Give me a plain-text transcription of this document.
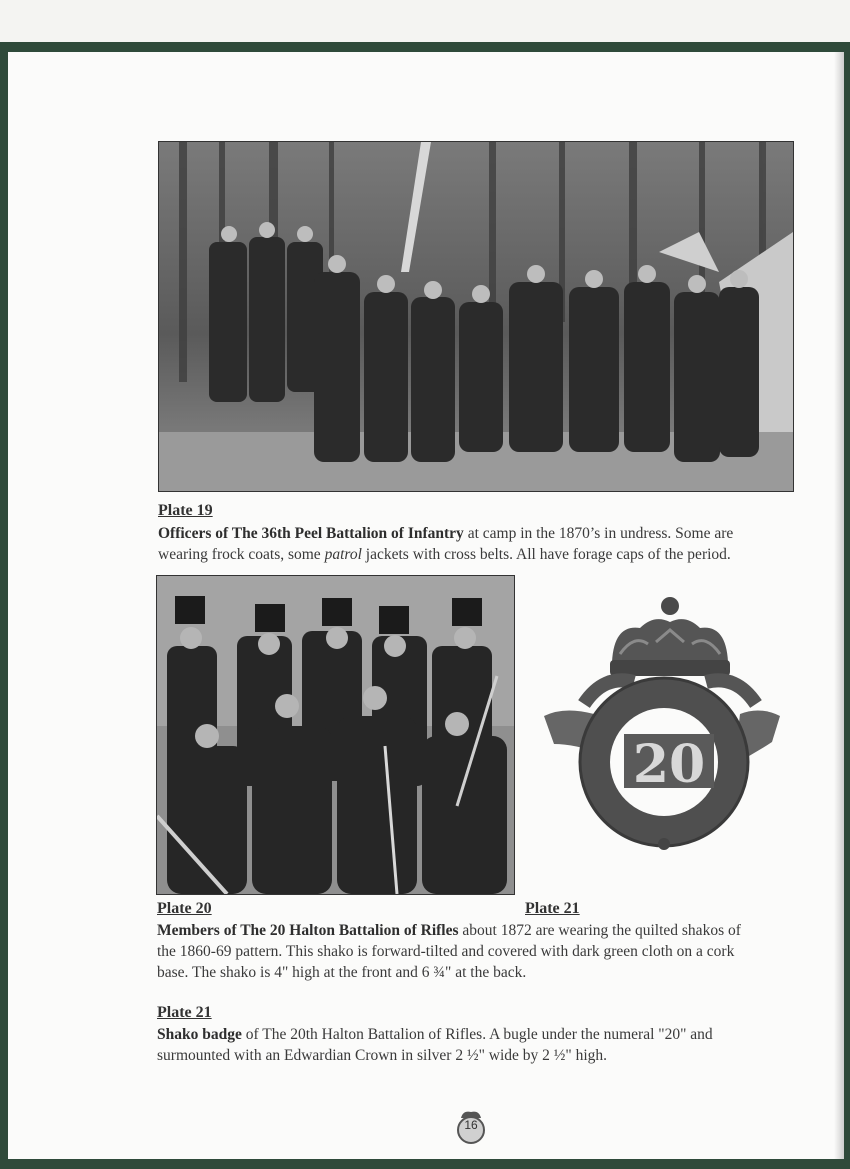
Plate 19
Officers of The 36th Peel Battalion of Infantry at camp in the 1870’s in undress. Some are
wearing frock coats, some patrol jackets with cross belts. All have forage caps of the period.
20
Plate 20	Plate 21
Members of The 20 Halton Battalion of Rifles about 1872 are wearing the quilted shakos of
the 1860-69 pattern. This shako is forward-tilted and covered with dark green cloth on a cork
base. The shako is 4" high at the front and 6 ¾" at the back.
Plate 21
Shako badge of The 20th Halton Battalion of Rifles. A bugle under the numeral "20" and
surmounted with an Edwardian Crown in silver 2 ½" wide by 2 ½" high.
16
